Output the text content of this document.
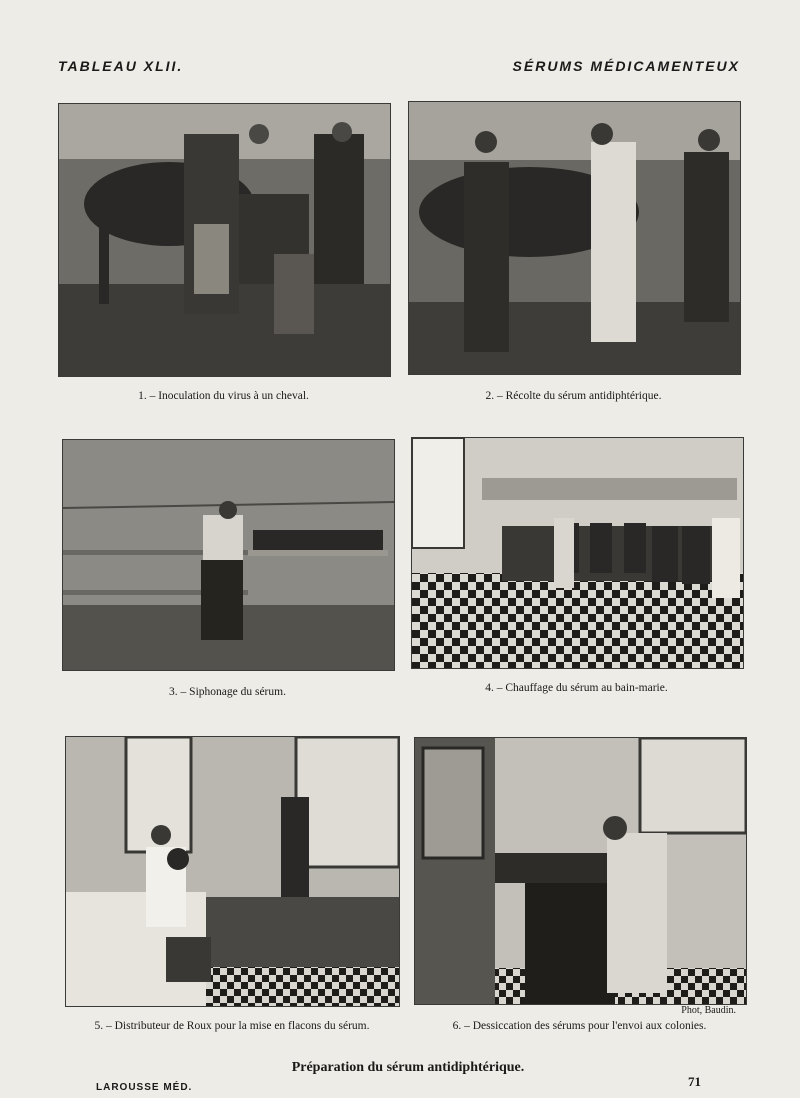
TABLEAU XLII.	SÉRUMS MÉDICAMENTEUX
1. – Inoculation du virus à un cheval.	2. – Récolte du sérum antidiphtérique.
3. – Siphonage du sérum.	4. – Chauffage du sérum au bain-marie.
5. – Distributeur de Roux pour la mise en flacons du sérum.
Phot, Baudin.
6. – Dessiccation des sérums pour l'envoi aux colonies.
Préparation du sérum antidiphtérique.
LAROUSSE MÉD.	71
